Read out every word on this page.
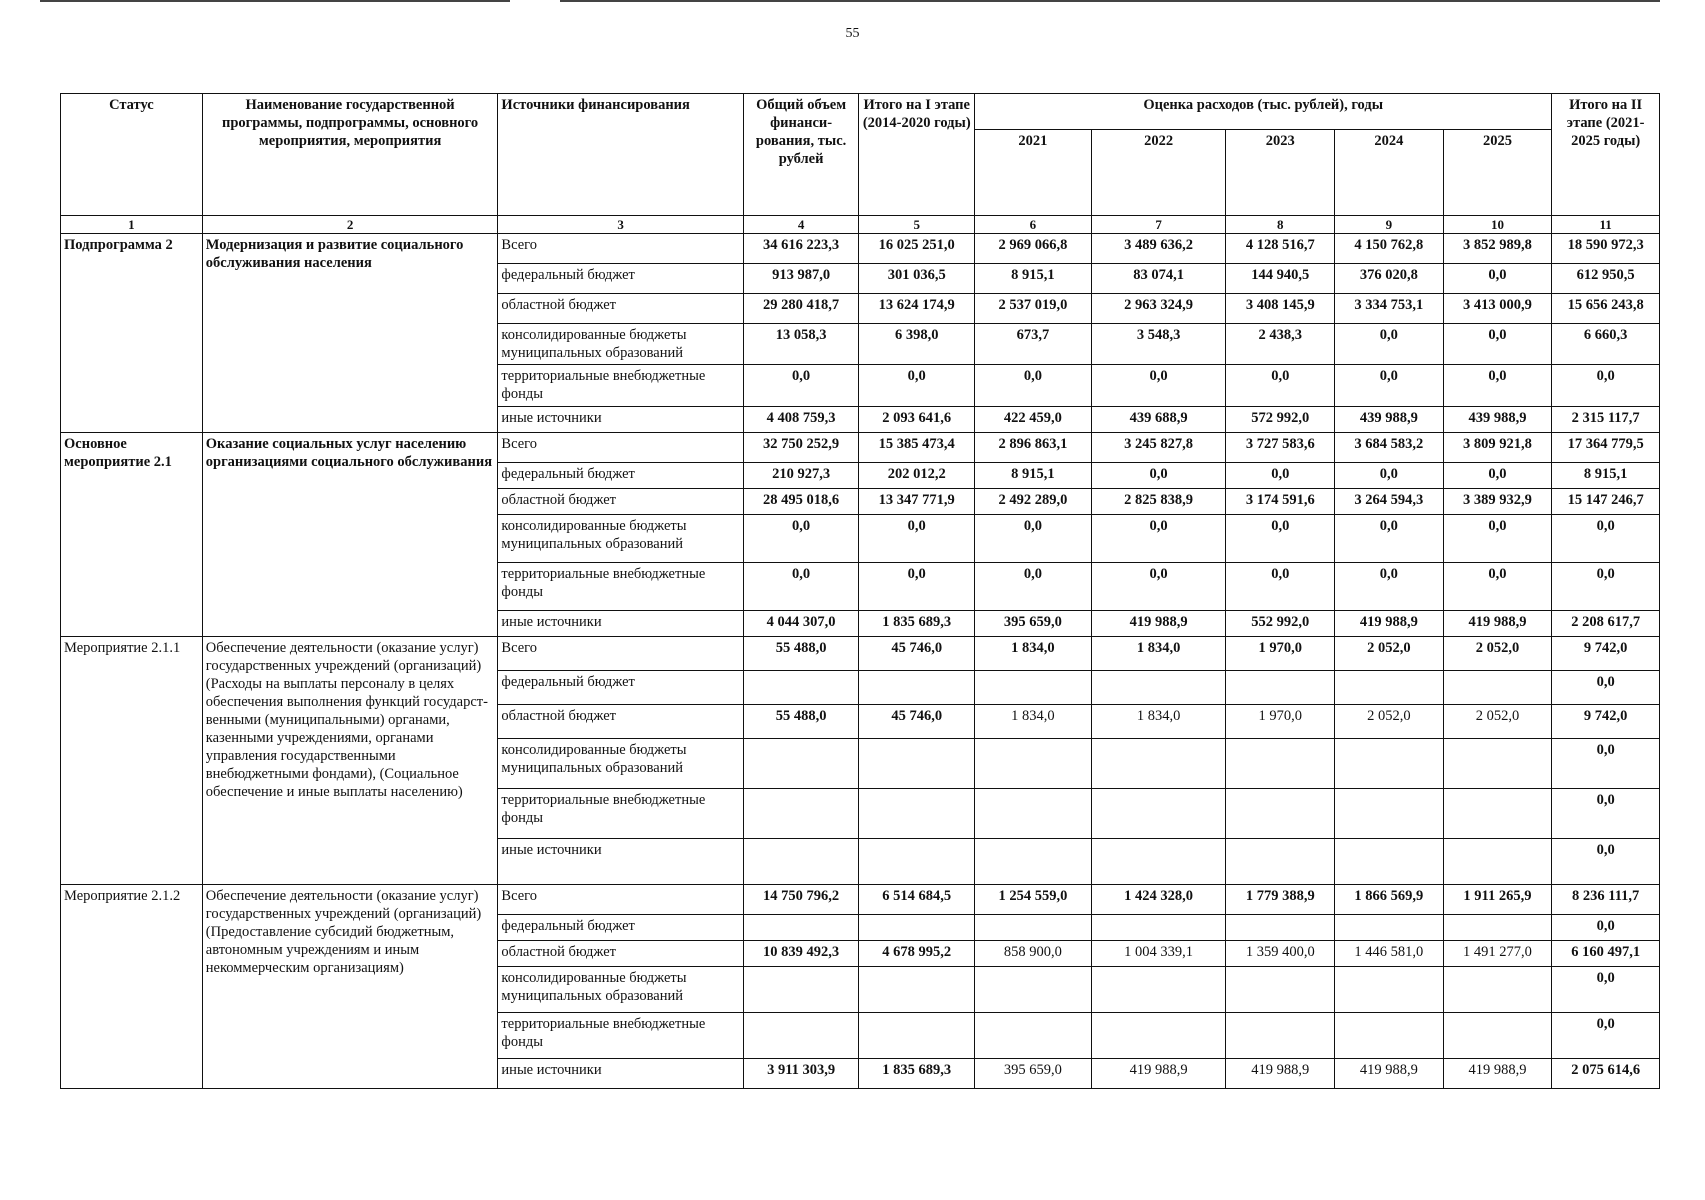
55
Статус	Наименование государственной программы, подпрограммы, основного мероприятия, мероприятия	Источники финансирования	Общий объем финанси-рования, тыс. рублей	Итого на I этапе (2014-2020 годы)	Оценка расходов (тыс. рублей), годы					Итого на II этапе (2021-2025 годы)
					2021	2022	2023	2024	2025	
1	2	3	4	5	6	7	8	9	10	11
Подпрограмма 2	Модернизация и развитие социального обслуживания населения	Всего	34 616 223,3	16 025 251,0	2 969 066,8	3 489 636,2	4 128 516,7	4 150 762,8	3 852 989,8	18 590 972,3
		федеральный бюджет	913 987,0	301 036,5	8 915,1	83 074,1	144 940,5	376 020,8	0,0	612 950,5
		областной бюджет	29 280 418,7	13 624 174,9	2 537 019,0	2 963 324,9	3 408 145,9	3 334 753,1	3 413 000,9	15 656 243,8
		консолидированные бюджеты муниципальных образований	13 058,3	6 398,0	673,7	3 548,3	2 438,3	0,0	0,0	6 660,3
		территориальные внебюджетные фонды	0,0	0,0	0,0	0,0	0,0	0,0	0,0	0,0
		иные источники	4 408 759,3	2 093 641,6	422 459,0	439 688,9	572 992,0	439 988,9	439 988,9	2 315 117,7
Основное мероприятие 2.1	Оказание социальных услуг населению организациями социального обслуживания	Всего	32 750 252,9	15 385 473,4	2 896 863,1	3 245 827,8	3 727 583,6	3 684 583,2	3 809 921,8	17 364 779,5
		федеральный бюджет	210 927,3	202 012,2	8 915,1	0,0	0,0	0,0	0,0	8 915,1
		областной бюджет	28 495 018,6	13 347 771,9	2 492 289,0	2 825 838,9	3 174 591,6	3 264 594,3	3 389 932,9	15 147 246,7
		консолидированные бюджеты муниципальных образований	0,0	0,0	0,0	0,0	0,0	0,0	0,0	0,0
		территориальные внебюджетные фонды	0,0	0,0	0,0	0,0	0,0	0,0	0,0	0,0
		иные источники	4 044 307,0	1 835 689,3	395 659,0	419 988,9	552 992,0	419 988,9	419 988,9	2 208 617,7
Мероприятие 2.1.1	Обеспечение деятельности (оказание услуг) государственных учреждений (организаций) (Расходы на выплаты персоналу в целях обеспечения выполнения функций государст-венными (муниципальными) органами, казенными учреждениями, органами управления государственными внебюджетными фондами), (Социальное обеспечение и иные выплаты населению)	Всего	55 488,0	45 746,0	1 834,0	1 834,0	1 970,0	2 052,0	2 052,0	9 742,0
		федеральный бюджет								0,0
		областной бюджет	55 488,0	45 746,0	1 834,0	1 834,0	1 970,0	2 052,0	2 052,0	9 742,0
		консолидированные бюджеты муниципальных образований								0,0
		территориальные внебюджетные фонды								0,0
		иные источники								0,0
Мероприятие 2.1.2	Обеспечение деятельности (оказание услуг) государственных учреждений (организаций) (Предоставление субсидий бюджетным, автономным учреждениям и иным некоммерческим организациям)	Всего	14 750 796,2	6 514 684,5	1 254 559,0	1 424 328,0	1 779 388,9	1 866 569,9	1 911 265,9	8 236 111,7
		федеральный бюджет								0,0
		областной бюджет	10 839 492,3	4 678 995,2	858 900,0	1 004 339,1	1 359 400,0	1 446 581,0	1 491 277,0	6 160 497,1
		консолидированные бюджеты муниципальных образований								0,0
		территориальные внебюджетные фонды								0,0
		иные источники	3 911 303,9	1 835 689,3	395 659,0	419 988,9	419 988,9	419 988,9	419 988,9	2 075 614,6
